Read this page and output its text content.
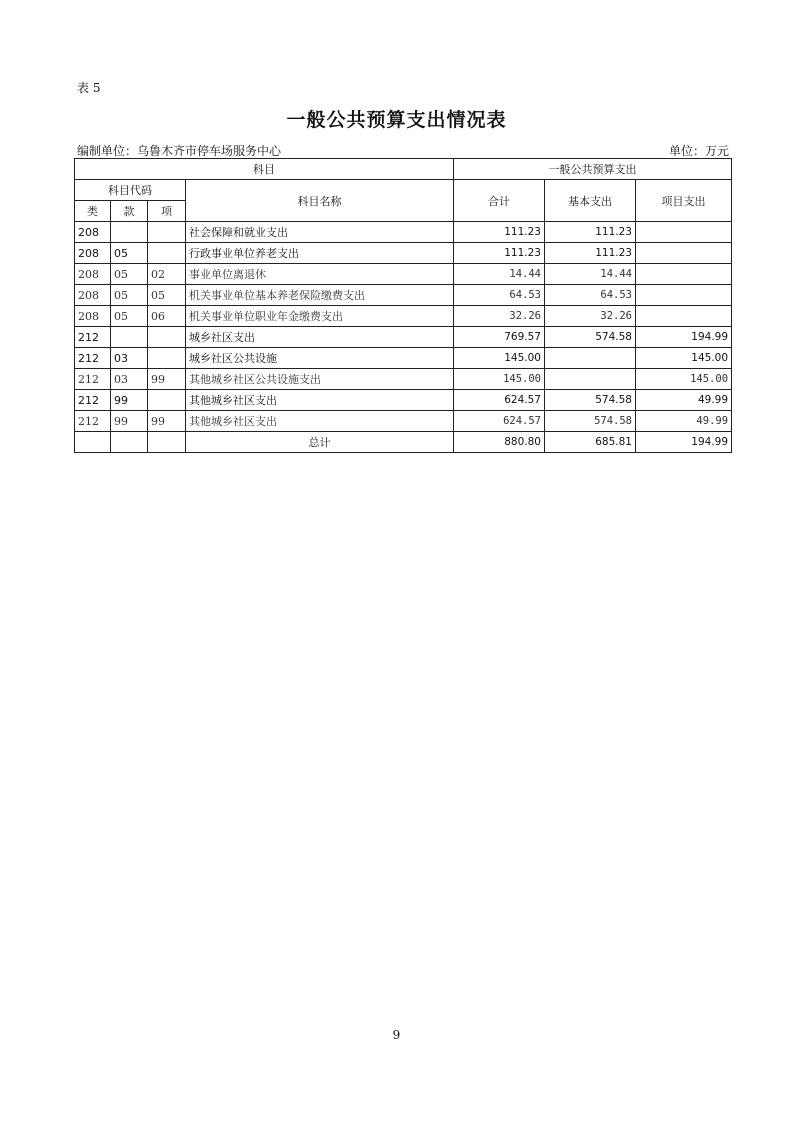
表 5
一般公共预算支出情况表
编制单位：乌鲁木齐市停车场服务中心	单位：万元
科目				一般公共预算支出		
科目代码			科目名称	合计	基本支出	项目支出
类	款	项				
208			社会保障和就业支出	111.23	111.23	
208	05		行政事业单位养老支出	111.23	111.23	
208	05	02	事业单位离退休	14.44	14.44	
208	05	05	机关事业单位基本养老保险缴费支出	64.53	64.53	
208	05	06	机关事业单位职业年金缴费支出	32.26	32.26	
212			城乡社区支出	769.57	574.58	194.99
212	03		城乡社区公共设施	145.00		145.00
212	03	99	其他城乡社区公共设施支出	145.00		145.00
212	99		其他城乡社区支出	624.57	574.58	49.99
212	99	99	其他城乡社区支出	624.57	574.58	49.99
			总计	880.80	685.81	194.99
9
